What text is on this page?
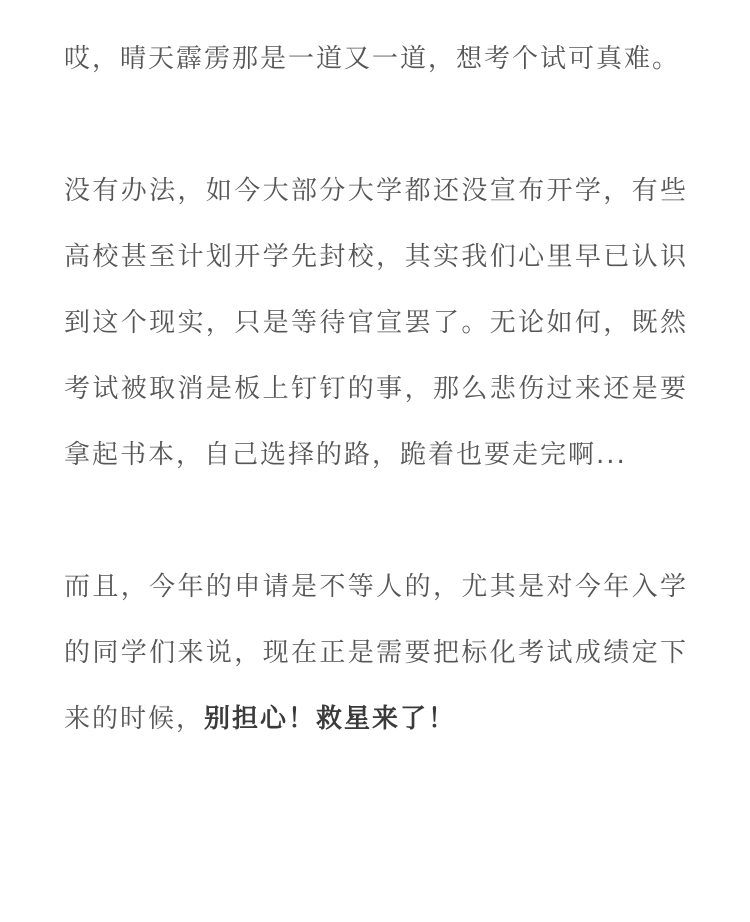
哎，晴天霹雳那是一道又一道，想考个试可真难。

没有办法，如今大部分大学都还没宣布开学，有些高校甚至计划开学先封校，其实我们心里早已认识到这个现实，只是等待官宣罢了。无论如何，既然考试被取消是板上钉钉的事，那么悲伤过来还是要拿起书本，自己选择的路，跪着也要走完啊...

而且，今年的申请是不等人的，尤其是对今年入学的同学们来说，现在正是需要把标化考试成绩定下来的时候，别担心！救星来了！
